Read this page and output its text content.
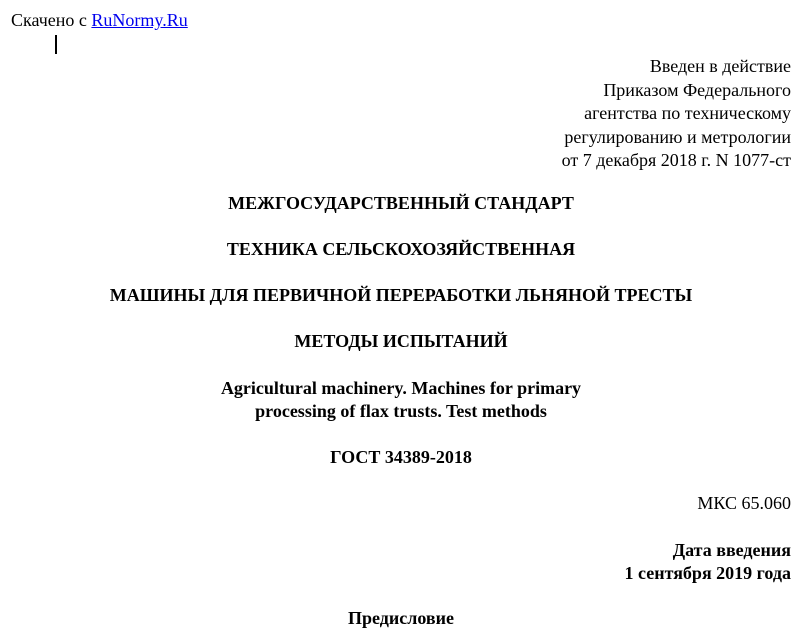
Скачено с RuNormy.Ru
Введен в действие
Приказом Федерального
агентства по техническому
регулированию и метрологии
от 7 декабря 2018 г. N 1077-ст
МЕЖГОСУДАРСТВЕННЫЙ СТАНДАРТ
ТЕХНИКА СЕЛЬСКОХОЗЯЙСТВЕННАЯ
МАШИНЫ ДЛЯ ПЕРВИЧНОЙ ПЕРЕРАБОТКИ ЛЬНЯНОЙ ТРЕСТЫ
МЕТОДЫ ИСПЫТАНИЙ
Agricultural machinery. Machines for primary
processing of flax trusts. Test methods
ГОСТ 34389-2018
МКС 65.060
Дата введения
1 сентября 2019 года
Предисловие
